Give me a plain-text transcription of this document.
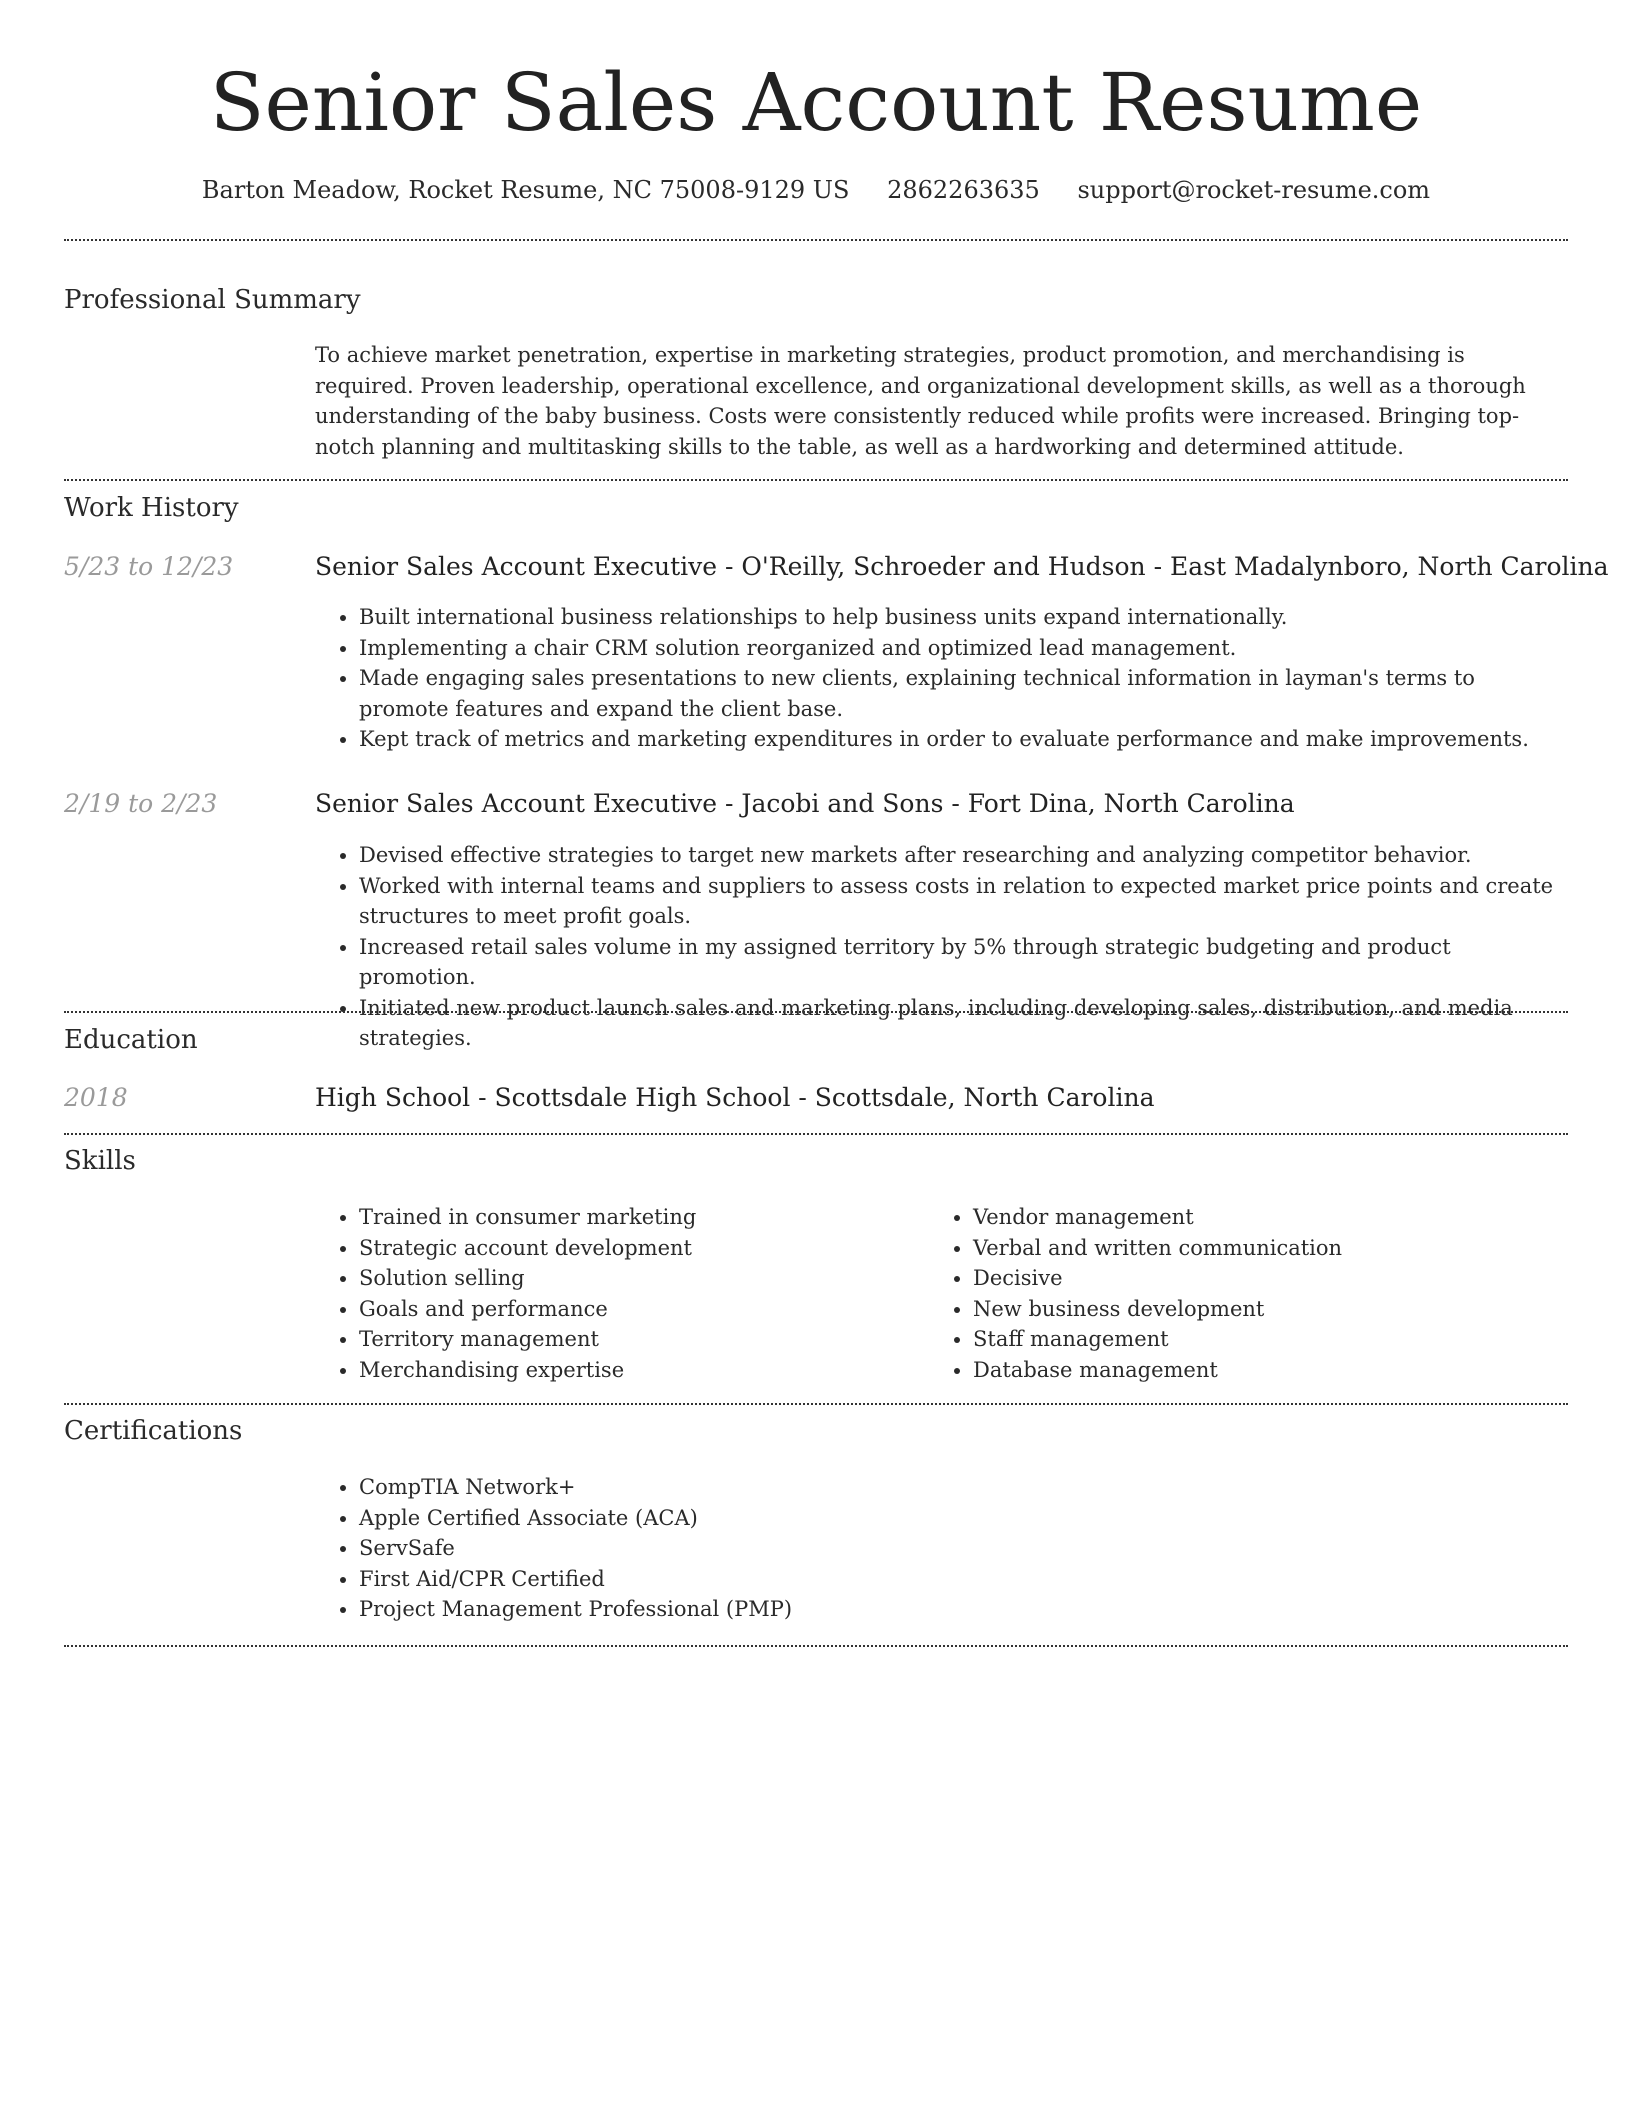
Senior Sales Account Resume
Barton Meadow, Rocket Resume, NC 75008-9129 US 2862263635 support@rocket-resume.com
Professional Summary

To achieve market penetration, expertise in marketing strategies, product promotion, and merchandising is required. Proven leadership, operational excellence, and organizational development skills, as well as a thorough understanding of the baby business. Costs were consistently reduced while profits were increased. Bringing top-notch planning and multitasking skills to the table, as well as a hardworking and determined attitude.

Work History
5/23 to 12/23	Senior Sales Account Executive - O'Reilly, Schroeder and Hudson - East Madalynboro, North Carolina
• Built international business relationships to help business units expand internationally.
• Implementing a chair CRM solution reorganized and optimized lead management.
• Made engaging sales presentations to new clients, explaining technical information in layman's terms to promote features and expand the client base.
• Kept track of metrics and marketing expenditures in order to evaluate performance and make improvements.
2/19 to 2/23	Senior Sales Account Executive - Jacobi and Sons - Fort Dina, North Carolina
• Devised effective strategies to target new markets after researching and analyzing competitor behavior.
• Worked with internal teams and suppliers to assess costs in relation to expected market price points and create structures to meet profit goals.
• Increased retail sales volume in my assigned territory by 5% through strategic budgeting and product promotion.
• Initiated new product launch sales and marketing plans, including developing sales, distribution, and media strategies.
Education
2018	High School - Scottsdale High School - Scottsdale, North Carolina
Skills
• Trained in consumer marketing
• Strategic account development
• Solution selling
• Goals and performance
• Territory management
• Merchandising expertise
• Vendor management
• Verbal and written communication
• Decisive
• New business development
• Staff management
• Database management
Certifications
• CompTIA Network+
• Apple Certified Associate (ACA)
• ServSafe
• First Aid/CPR Certified
• Project Management Professional (PMP)
